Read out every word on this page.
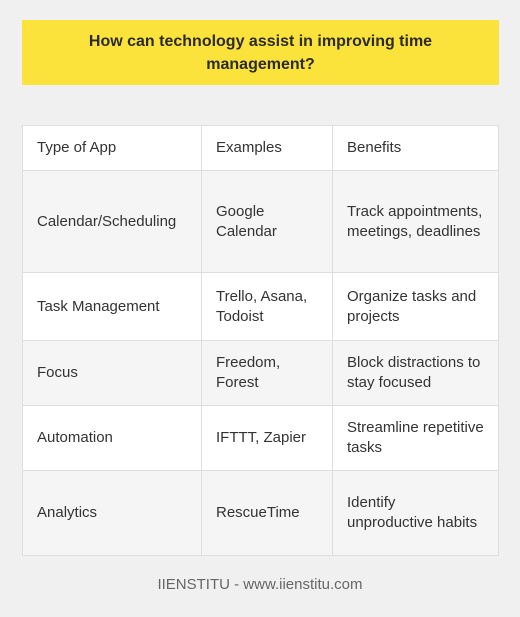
How can technology assist in improving time management?
Type of App	Examples	Benefits
Calendar/Scheduling	Google Calendar	Track appointments, meetings, deadlines
Task Management	Trello, Asana, Todoist	Organize tasks and projects
Focus	Freedom, Forest	Block distractions to stay focused
Automation	IFTTT, Zapier	Streamline repetitive tasks
Analytics	RescueTime	Identify unproductive habits
IIENSTITU - www.iienstitu.com
